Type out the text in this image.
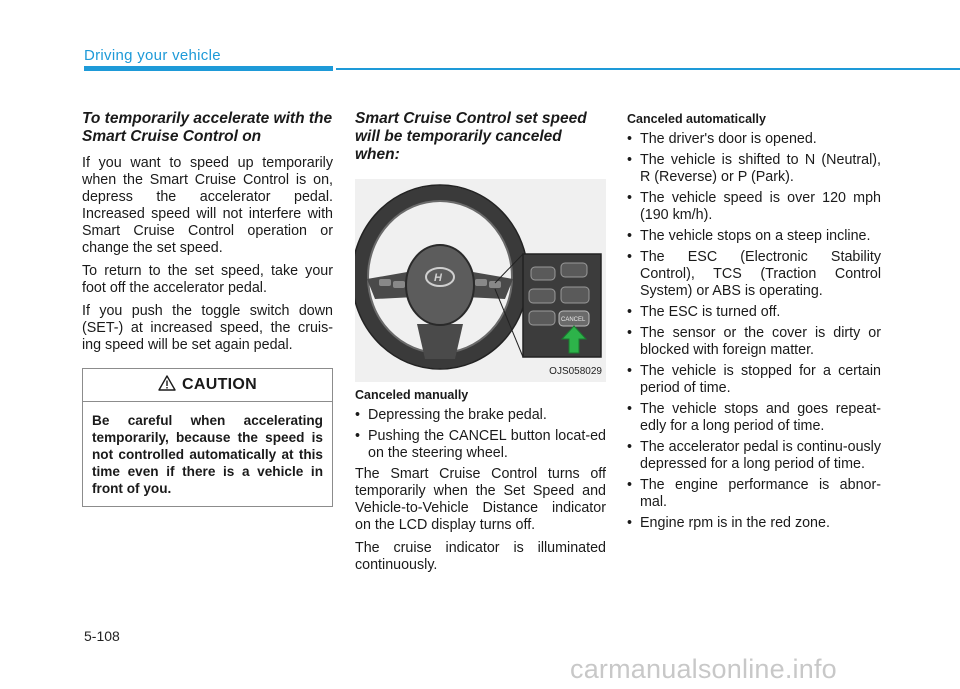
Driving your vehicle
To temporarily accelerate with the Smart Cruise Control on

If you want to speed up temporarily when the Smart Cruise Control is on, depress the accelerator pedal. Increased speed will not interfere with Smart Cruise Control operation or change the set speed.

To return to the set speed, take your foot off the accelerator pedal.

If you push the toggle switch down (SET-) at increased speed, the cruis-ing speed will be set again pedal.

CAUTION
Be careful when accelerating temporarily, because the speed is not controlled automatically at this time even if there is a vehicle in front of you.
Smart Cruise Control set speed will be temporarily canceled when:
H
CANCEL
OJS058029
Canceled manually
• Depressing the brake pedal.
• Pushing the CANCEL button locat-ed on the steering wheel.

The Smart Cruise Control turns off temporarily when the Set Speed and Vehicle-to-Vehicle Distance indicator on the LCD display turns off.

The cruise indicator is illuminated continuously.

Canceled automatically
• The driver's door is opened.
• The vehicle is shifted to N (Neutral), R (Reverse) or P (Park).
• The vehicle speed is over 120 mph (190 km/h).
• The vehicle stops on a steep incline.
• The ESC (Electronic Stability Control), TCS (Traction Control System) or ABS is operating.
• The ESC is turned off.
• The sensor or the cover is dirty or blocked with foreign matter.
• The vehicle is stopped for a certain period of time.
• The vehicle stops and goes repeat-edly for a long period of time.
• The accelerator pedal is continu-ously depressed for a long period of time.
• The engine performance is abnor-mal.
• Engine rpm is in the red zone.
5-108
carmanualsonline.info
